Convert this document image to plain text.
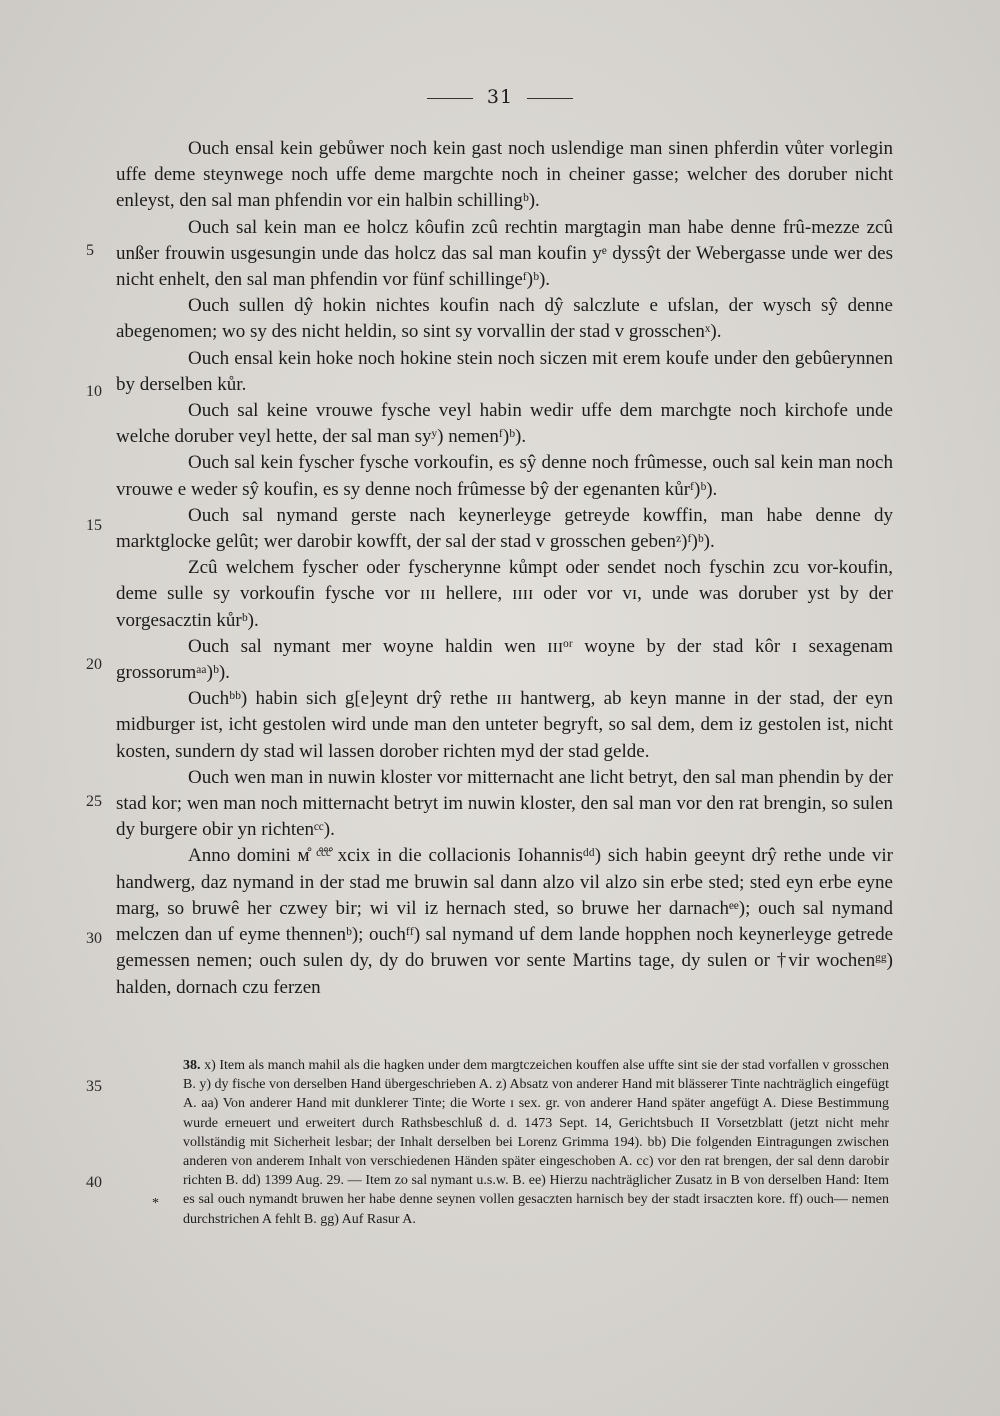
31

Ouch ensal kein gebůwer noch kein gast noch uslendige man sinen phferdin vůter vorlegin uffe deme steynwege noch uffe deme margchte noch in cheiner gasse; welcher des doruber nicht enleyst, den sal man phfendin vor ein halbin schillingᵇ).

Ouch sal kein man ee holcz kôufin zcû rechtin margtagin man habe denne frû-mezze zcû unßer frouwin usgesungin unde das holcz das sal man koufin yᵉ dyssŷt der Webergasse unde wer des nicht enhelt, den sal man phfendin vor fünf schillingeᶠ)ᵇ).

Ouch sullen dŷ hokin nichtes koufin nach dŷ salczlute e ufslan, der wysch sŷ denne abegenomen; wo sy des nicht heldin, so sint sy vorvallin der stad v grosschenˣ).

Ouch ensal kein hoke noch hokine stein noch siczen mit erem koufe under den gebûerynnen by derselben kůr.

Ouch sal keine vrouwe fysche veyl habin wedir uffe dem marchgte noch kirchofe unde welche doruber veyl hette, der sal man syʸ) nemenᶠ)ᵇ).

Ouch sal kein fyscher fysche vorkoufin, es sŷ denne noch frûmesse, ouch sal kein man noch vrouwe e weder sŷ koufin, es sy denne noch frûmesse bŷ der egenanten kůrᶠ)ᵇ).

Ouch sal nymand gerste nach keynerleyge getreyde kowffin, man habe denne dy marktglocke gelût; wer darobir kowfft, der sal der stad v grosschen gebenᶻ)ᶠ)ᵇ).

Zcû welchem fyscher oder fyscherynne kůmpt oder sendet noch fyschin zcu vor-koufin, deme sulle sy vorkoufin fysche vor ɪɪɪ hellere, ɪɪɪɪ oder vor ᴠɪ, unde was doruber yst by der vorgesacztin kůrᵇ).

Ouch sal nymant mer woyne haldin wen ɪɪɪᵒʳ woyne by der stad kôr ɪ sexagenam grossorumᵃᵃ)ᵇ).

Ouchᵇᵇ) habin sich g[e]eynt drŷ rethe ɪɪɪ hantwerg, ab keyn manne in der stad, der eyn midburger ist, icht gestolen wird unde man den unteter begryft, so sal dem, dem iz gestolen ist, nicht kosten, sundern dy stad wil lassen dorober richten myd der stad gelde.

Ouch wen man in nuwin kloster vor mitternacht ane licht betryt, den sal man phendin by der stad kor; wen man noch mitternacht betryt im nuwin kloster, den sal man vor den rat brengin, so sulen dy burgere obir yn richtenᶜᶜ).

Anno domini ᴍ̊ ᶜ̊ᶜ̊ᶜ̊ xcix in die collacionis Iohannisᵈᵈ) sich habin geeynt drŷ rethe unde vir handwerg, daz nymand in der stad me bruwin sal dann alzo vil alzo sin erbe sted; sted eyn erbe eyne marg, so bruwê her czwey bir; wi vil iz hernach sted, so bruwe her darnachᵉᵉ); ouch sal nymand melczen dan uf eyme thennenᵇ); ouchᶠᶠ) sal nymand uf dem lande hopphen noch keynerleyge getrede gemessen nemen; ouch sulen dy, dy do bruwen vor sente Martins tage, dy sulen or †vir wochenᵍᵍ) halden, dornach czu ferzen

5
10
15
20
25
30
35
40
*

38. x) Item als manch mahil als die hagken under dem margtczeichen kouffen alse uffte sint sie der stad vorfallen v grosschen B. y) dy fische von derselben Hand übergeschrieben A. z) Absatz von anderer Hand mit blässerer Tinte nachträglich eingefügt A. aa) Von anderer Hand mit dunklerer Tinte; die Worte ɪ sex. gr. von anderer Hand später angefügt A. Diese Bestimmung wurde erneuert und erweitert durch Rathsbeschluß d. d. 1473 Sept. 14, Gerichtsbuch II Vorsetzblatt (jetzt nicht mehr vollständig mit Sicherheit lesbar; der Inhalt derselben bei Lorenz Grimma 194). bb) Die folgenden Eintragungen zwischen anderen von anderem Inhalt von verschiedenen Händen später eingeschoben A. cc) vor den rat brengen, der sal denn darobir richten B. dd) 1399 Aug. 29. — Item zo sal nymant u.s.w. B. ee) Hierzu nachträglicher Zusatz in B von derselben Hand: Item es sal ouch nymandt bruwen her habe denne seynen vollen gesaczten harnisch bey der stadt irsaczten kore. ff) ouch— nemen durchstrichen A fehlt B. gg) Auf Rasur A.
